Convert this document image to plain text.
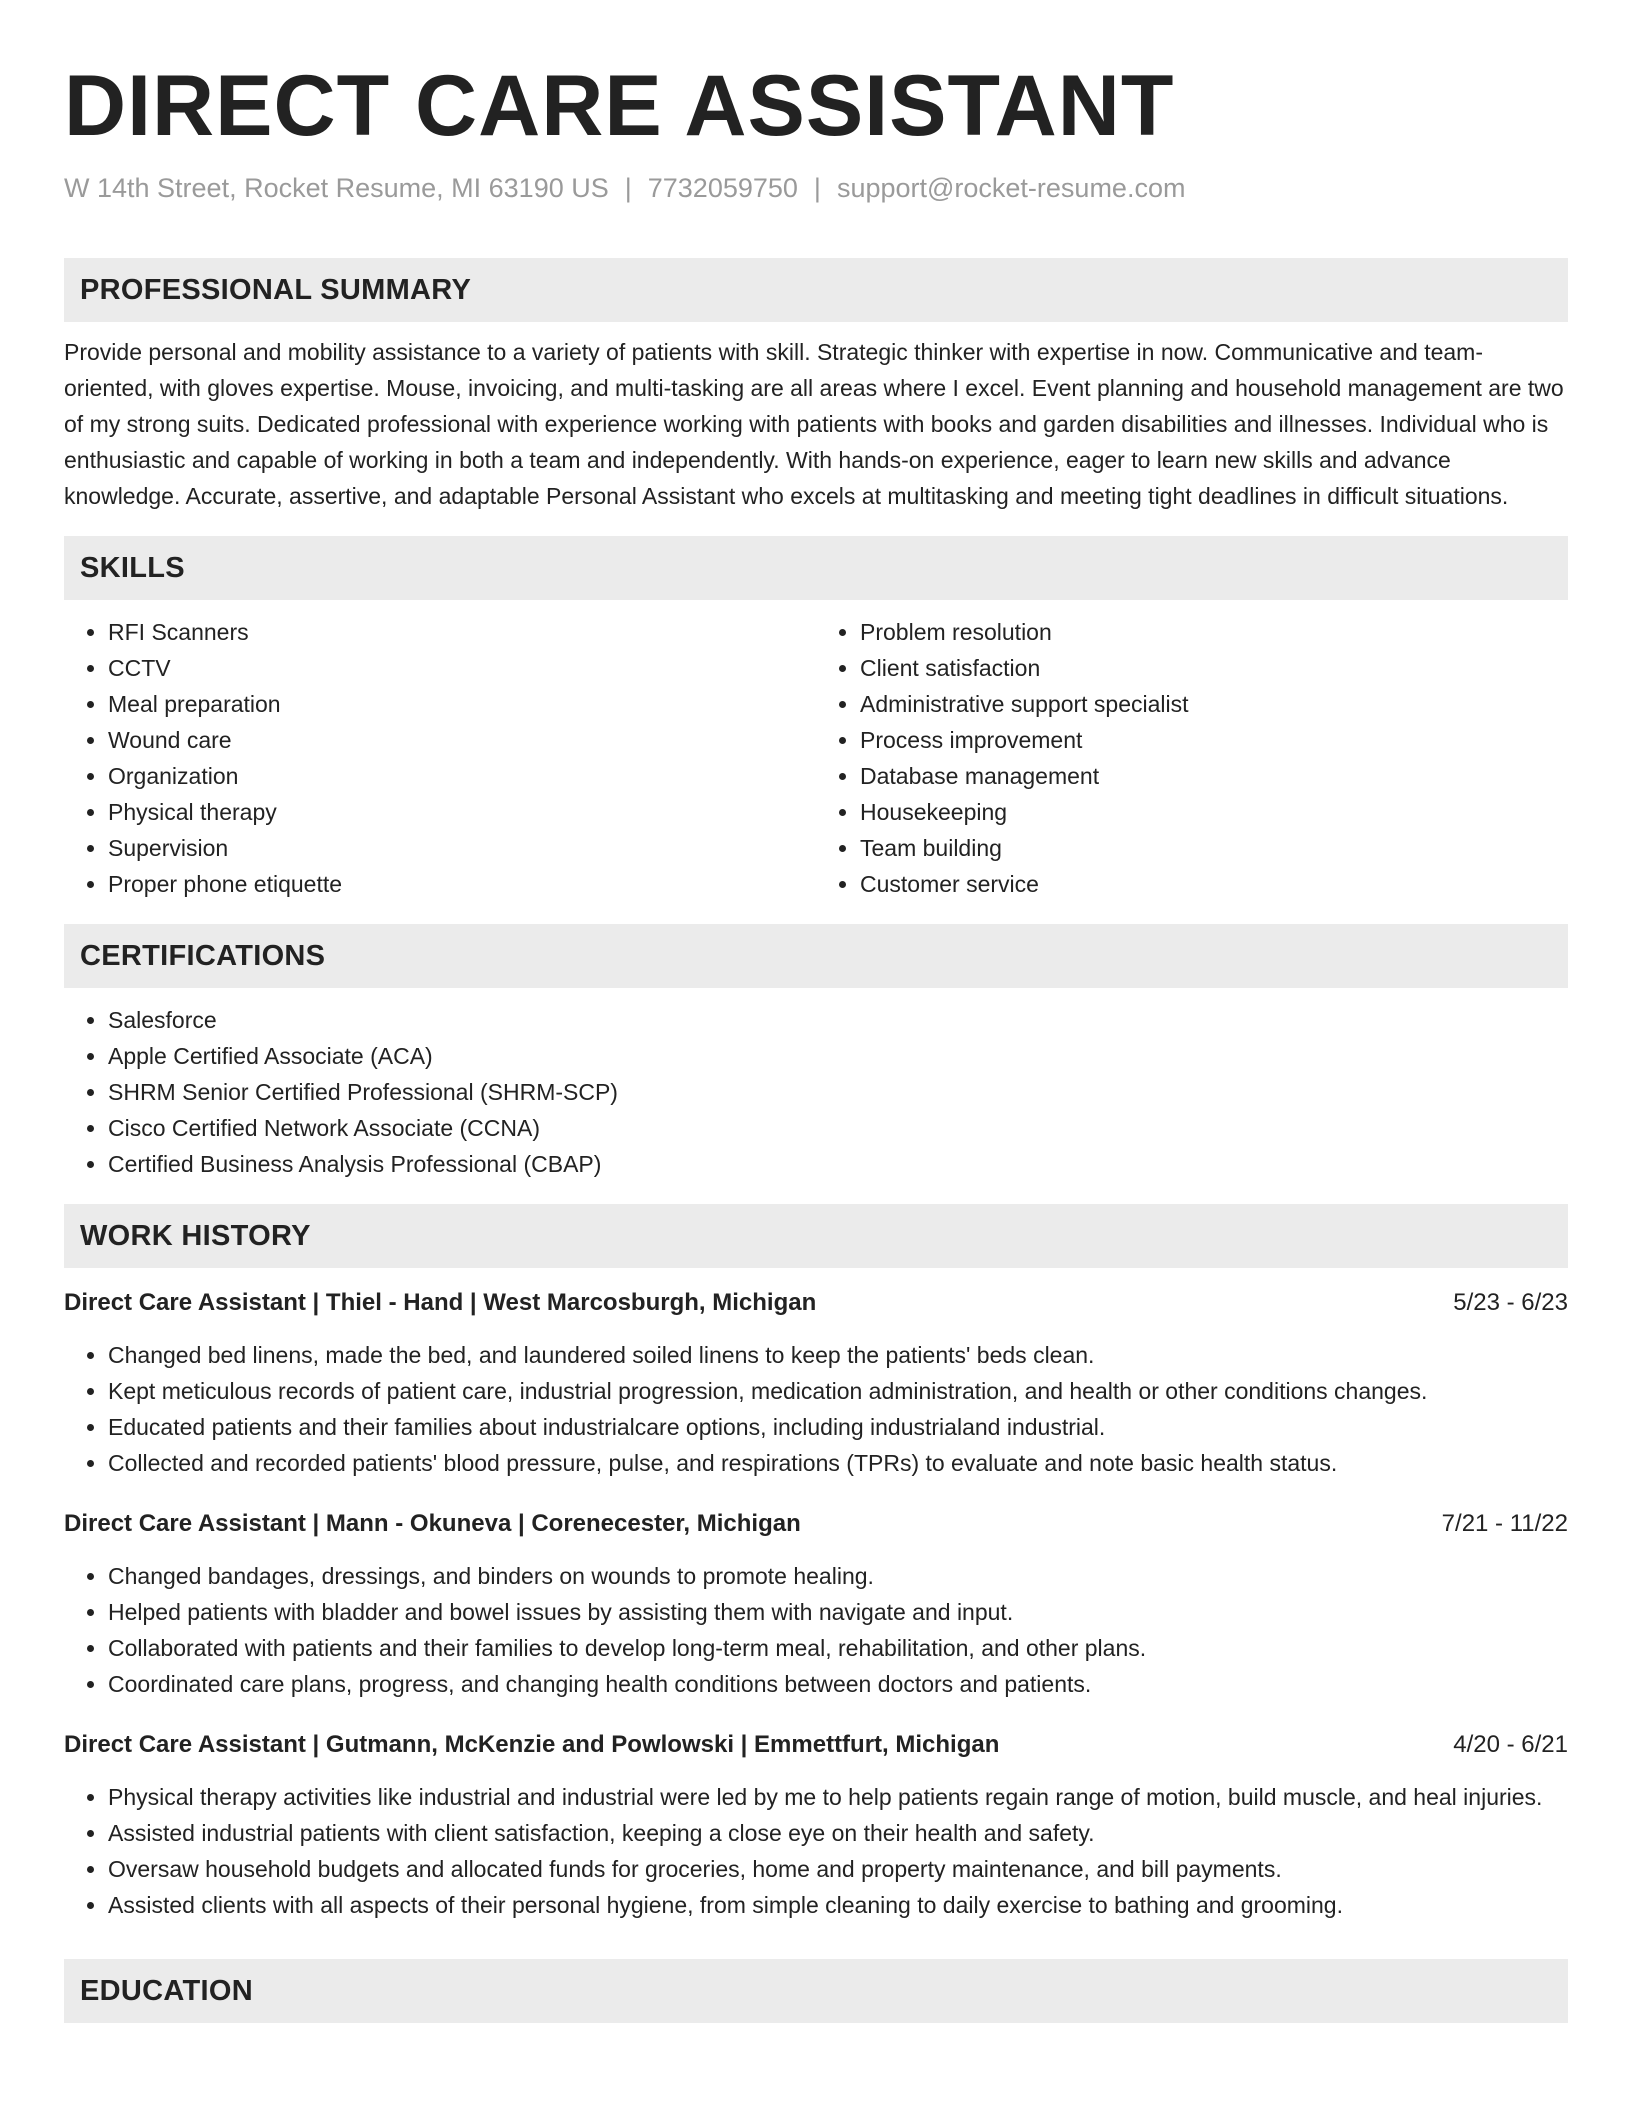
DIRECT CARE ASSISTANT
W 14th Street, Rocket Resume, MI 63190 US | 7732059750 | support@rocket-resume.com
PROFESSIONAL SUMMARY

Provide personal and mobility assistance to a variety of patients with skill. Strategic thinker with expertise in now. Communicative and team-oriented, with gloves expertise. Mouse, invoicing, and multi-tasking are all areas where I excel. Event planning and household management are two of my strong suits. Dedicated professional with experience working with patients with books and garden disabilities and illnesses. Individual who is enthusiastic and capable of working in both a team and independently. With hands-on experience, eager to learn new skills and advance knowledge. Accurate, assertive, and adaptable Personal Assistant who excels at multitasking and meeting tight deadlines in difficult situations.

SKILLS
• RFI Scanners
• CCTV
• Meal preparation
• Wound care
• Organization
• Physical therapy
• Supervision
• Proper phone etiquette
• Problem resolution
• Client satisfaction
• Administrative support specialist
• Process improvement
• Database management
• Housekeeping
• Team building
• Customer service
CERTIFICATIONS
• Salesforce
• Apple Certified Associate (ACA)
• SHRM Senior Certified Professional (SHRM-SCP)
• Cisco Certified Network Associate (CCNA)
• Certified Business Analysis Professional (CBAP)
WORK HISTORY
Direct Care Assistant | Thiel - Hand | West Marcosburgh, Michigan	5/23 - 6/23
• Changed bed linens, made the bed, and laundered soiled linens to keep the patients' beds clean.
• Kept meticulous records of patient care, industrial progression, medication administration, and health or other conditions changes.
• Educated patients and their families about industrialcare options, including industrialand industrial.
• Collected and recorded patients' blood pressure, pulse, and respirations (TPRs) to evaluate and note basic health status.
Direct Care Assistant | Mann - Okuneva | Corenecester, Michigan	7/21 - 11/22
• Changed bandages, dressings, and binders on wounds to promote healing.
• Helped patients with bladder and bowel issues by assisting them with navigate and input.
• Collaborated with patients and their families to develop long-term meal, rehabilitation, and other plans.
• Coordinated care plans, progress, and changing health conditions between doctors and patients.
Direct Care Assistant | Gutmann, McKenzie and Powlowski | Emmettfurt, Michigan	4/20 - 6/21
• Physical therapy activities like industrial and industrial were led by me to help patients regain range of motion, build muscle, and heal injuries.
• Assisted industrial patients with client satisfaction, keeping a close eye on their health and safety.
• Oversaw household budgets and allocated funds for groceries, home and property maintenance, and bill payments.
• Assisted clients with all aspects of their personal hygiene, from simple cleaning to daily exercise to bathing and grooming.
EDUCATION
